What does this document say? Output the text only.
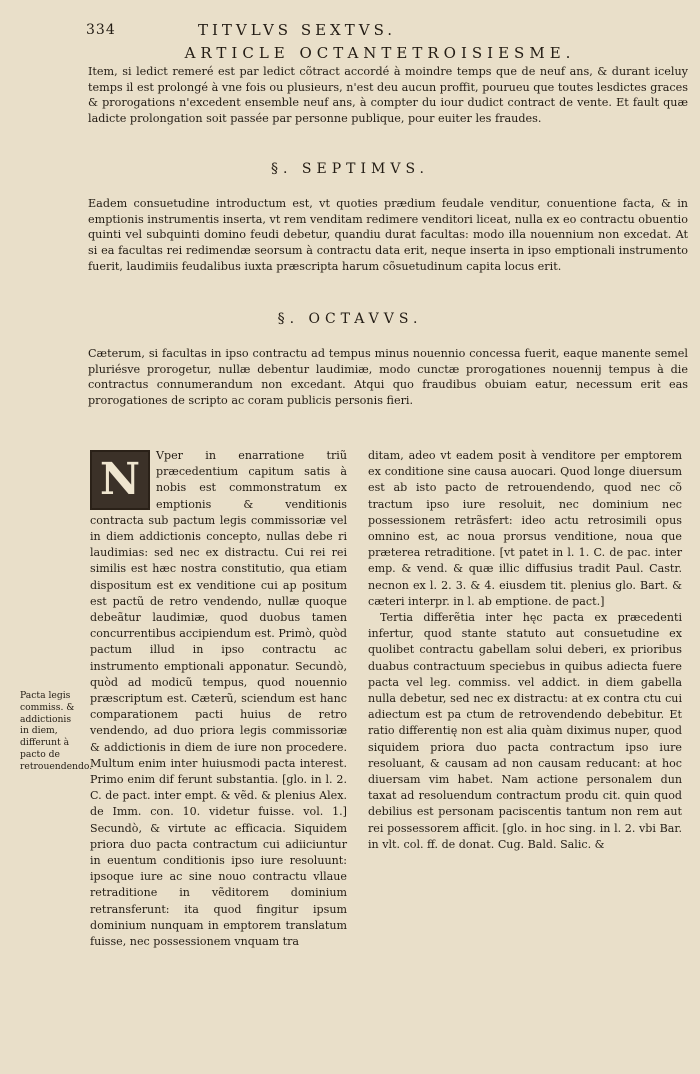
334	TITVLVS SEXTVS.
ARTICLE OCTANTETROISIESME.
Item, si ledict remeré est par ledict cõtract accordé à moindre temps que de neuf ans, & durant iceluy temps il est prolongé à vne fois ou plusieurs, n'est deu aucun proffit, pourueu que toutes lesdictes graces & prorogations n'excedent ensemble neuf ans, à compter du iour dudict contract de vente. Et fault quæ ladicte prolongation soit passée par personne publique, pour euiter les fraudes.
§. SEPTIMVS.
Eadem consuetudine introductum est, vt quoties prædium feudale venditur, conuentione facta, & in emptionis instrumentis inserta, vt rem venditam redimere venditori liceat, nulla ex eo contractu obuentio quinti vel subquinti domino feudi debetur, quandiu durat facultas: modo illa nouennium non excedat. At si ea facultas rei redimendæ seorsum à contractu data erit, neque inserta in ipso emptionali instrumento fuerit, laudimiis feudalibus iuxta præscripta harum cõsuetudinum capita locus erit.
§. OCTAVVS.
Cæterum, si facultas in ipso contractu ad tempus minus nouennio concessa fuerit, eaque manente semel pluriésve prorogetur, nullæ debentur laudimiæ, modo cunctæ prorogationes nouennij tempus à die contractus connumerandum non excedant. Atqui quo fraudibus obuiam eatur, necessum erit eas prorogationes de scripto ac coram publicis personis fieri.
N	Vper in enarratione triũ præcedentium capitum satis à nobis est commonstratum ex emptionis & venditionis contracta sub pactum legis commissoriæ vel in diem addictionis concepto, nullas debe ri laudimias: sed nec ex distractu. Cui rei rei similis est hæc nostra constitutio, qua etiam dispositum est ex venditione cui ap positum est pactũ de retro vendendo, nullæ quoque debeãtur laudimiæ, quod duobus tamen concurrentibus accipiendum est. Primò, quòd pactum illud in ipso contractu ac instrumento emptionali apponatur. Secundò, quòd ad modicũ tempus, quod nouennio præscriptum est. Cæterũ, sciendum est hanc comparationem pacti huius de retro vendendo, ad duo priora legis commissoriæ & addictionis in diem de iure non procedere. Multum enim inter huiusmodi pacta interest. Primo enim dif ferunt substantia. [glo. in l. 2. C. de pact. inter empt. & vẽd. & plenius Alex. de Imm. con. 10. videtur fuisse. vol. 1.] Secundò, & virtute ac efficacia. Siquidem priora duo pacta contractum cui adiiciuntur in euentum conditionis ipso iure resoluunt: ipsoque iure ac sine nouo contractu vllaue retraditione in vẽditorem dominium retransferunt: ita quod fingitur ipsum dominium nunquam in emptorem translatum fuisse, nec possessionem vnquam tra

Pacta legis commiss. & addictionis in diem, differunt à pacto de retrouendendo.

ditam, adeo vt eadem posit à venditore per emptorem ex conditione sine causa auocari. Quod longe diuersum est ab isto pacto de retrouendendo, quod nec cõ tractum ipso iure resoluit, nec dominium nec possessionem retrãsfert: ideo actu retrosimili opus omnino est, ac noua prorsus venditione, noua que præterea retraditione. [vt patet in l. 1. C. de pac. inter emp. & vend. & quæ illic diffusius tradit Paul. Castr. necnon ex l. 2. 3. & 4. eiusdem tit. plenius glo. Bart. & cæteri interpr. in l. ab emptione. de pact.]

Tertia differẽtia inter hęc pacta ex præcedenti infertur, quod stante statuto aut consuetudine ex quolibet contractu gabellam solui deberi, ex prioribus duabus contractuum speciebus in quibus adiecta fuere pacta vel leg. commiss. vel addict. in diem gabella nulla debetur, sed nec ex distractu: at ex contra ctu cui adiectum est pa ctum de retrovendendo debebitur. Et ratio differentię non est alia quàm diximus nuper, quod siquidem priora duo pacta contractum ipso iure resoluant, & causam ad non causam reducant: at hoc diuersam vim habet. Nam actione personalem dun taxat ad resoluendum contractum produ cit. quin quod debilius est personam paciscentis tantum non rem aut rei possessorem afficit. [glo. in hoc sing. in l. 2. vbi Bar. in vlt. col. ff. de donat. Cug. Bald. Salic. &
